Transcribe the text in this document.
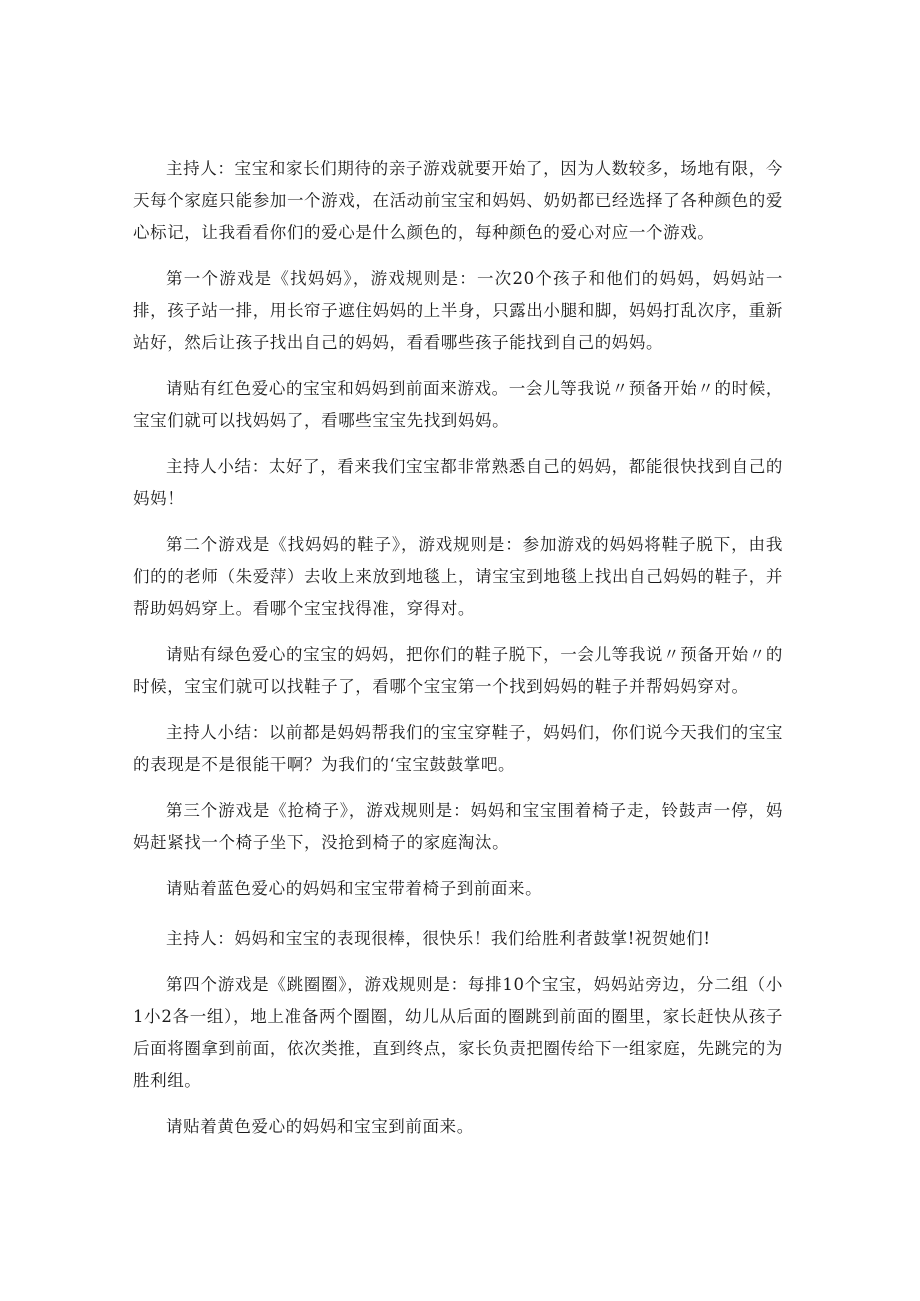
主持人：宝宝和家长们期待的亲子游戏就要开始了，因为人数较多，场地有限，今天每个家庭只能参加一个游戏，在活动前宝宝和妈妈、奶奶都已经选择了各种颜色的爱心标记，让我看看你们的爱心是什么颜色的，每种颜色的爱心对应一个游戏。

第一个游戏是《找妈妈》，游戏规则是：一次20个孩子和他们的妈妈，妈妈站一排，孩子站一排，用长帘子遮住妈妈的上半身，只露出小腿和脚，妈妈打乱次序，重新站好，然后让孩子找出自己的妈妈，看看哪些孩子能找到自己的妈妈。

请贴有红色爱心的宝宝和妈妈到前面来游戏。一会儿等我说〃预备开始〃的时候，宝宝们就可以找妈妈了，看哪些宝宝先找到妈妈。

主持人小结：太好了，看来我们宝宝都非常熟悉自己的妈妈，都能很快找到自己的妈妈！

第二个游戏是《找妈妈的鞋子》，游戏规则是：参加游戏的妈妈将鞋子脱下，由我们的的老师（朱爱萍）去收上来放到地毯上，请宝宝到地毯上找出自己妈妈的鞋子，并帮助妈妈穿上。看哪个宝宝找得准，穿得对。

请贴有绿色爱心的宝宝的妈妈，把你们的鞋子脱下，一会儿等我说〃预备开始〃的时候，宝宝们就可以找鞋子了，看哪个宝宝第一个找到妈妈的鞋子并帮妈妈穿对。

主持人小结：以前都是妈妈帮我们的宝宝穿鞋子，妈妈们，你们说今天我们的宝宝的表现是不是很能干啊？为我们的‘宝宝鼓鼓掌吧。

第三个游戏是《抢椅子》，游戏规则是：妈妈和宝宝围着椅子走，铃鼓声一停，妈妈赶紧找一个椅子坐下，没抢到椅子的家庭淘汰。

请贴着蓝色爱心的妈妈和宝宝带着椅子到前面来。

主持人：妈妈和宝宝的表现很棒，很快乐！我们给胜利者鼓掌!祝贺她们!

第四个游戏是《跳圈圈》，游戏规则是：每排10个宝宝，妈妈站旁边，分二组（小1小2各一组），地上准备两个圈圈，幼儿从后面的圈跳到前面的圈里，家长赶快从孩子后面将圈拿到前面，依次类推，直到终点，家长负责把圈传给下一组家庭，先跳完的为胜利组。

请贴着黄色爱心的妈妈和宝宝到前面来。
